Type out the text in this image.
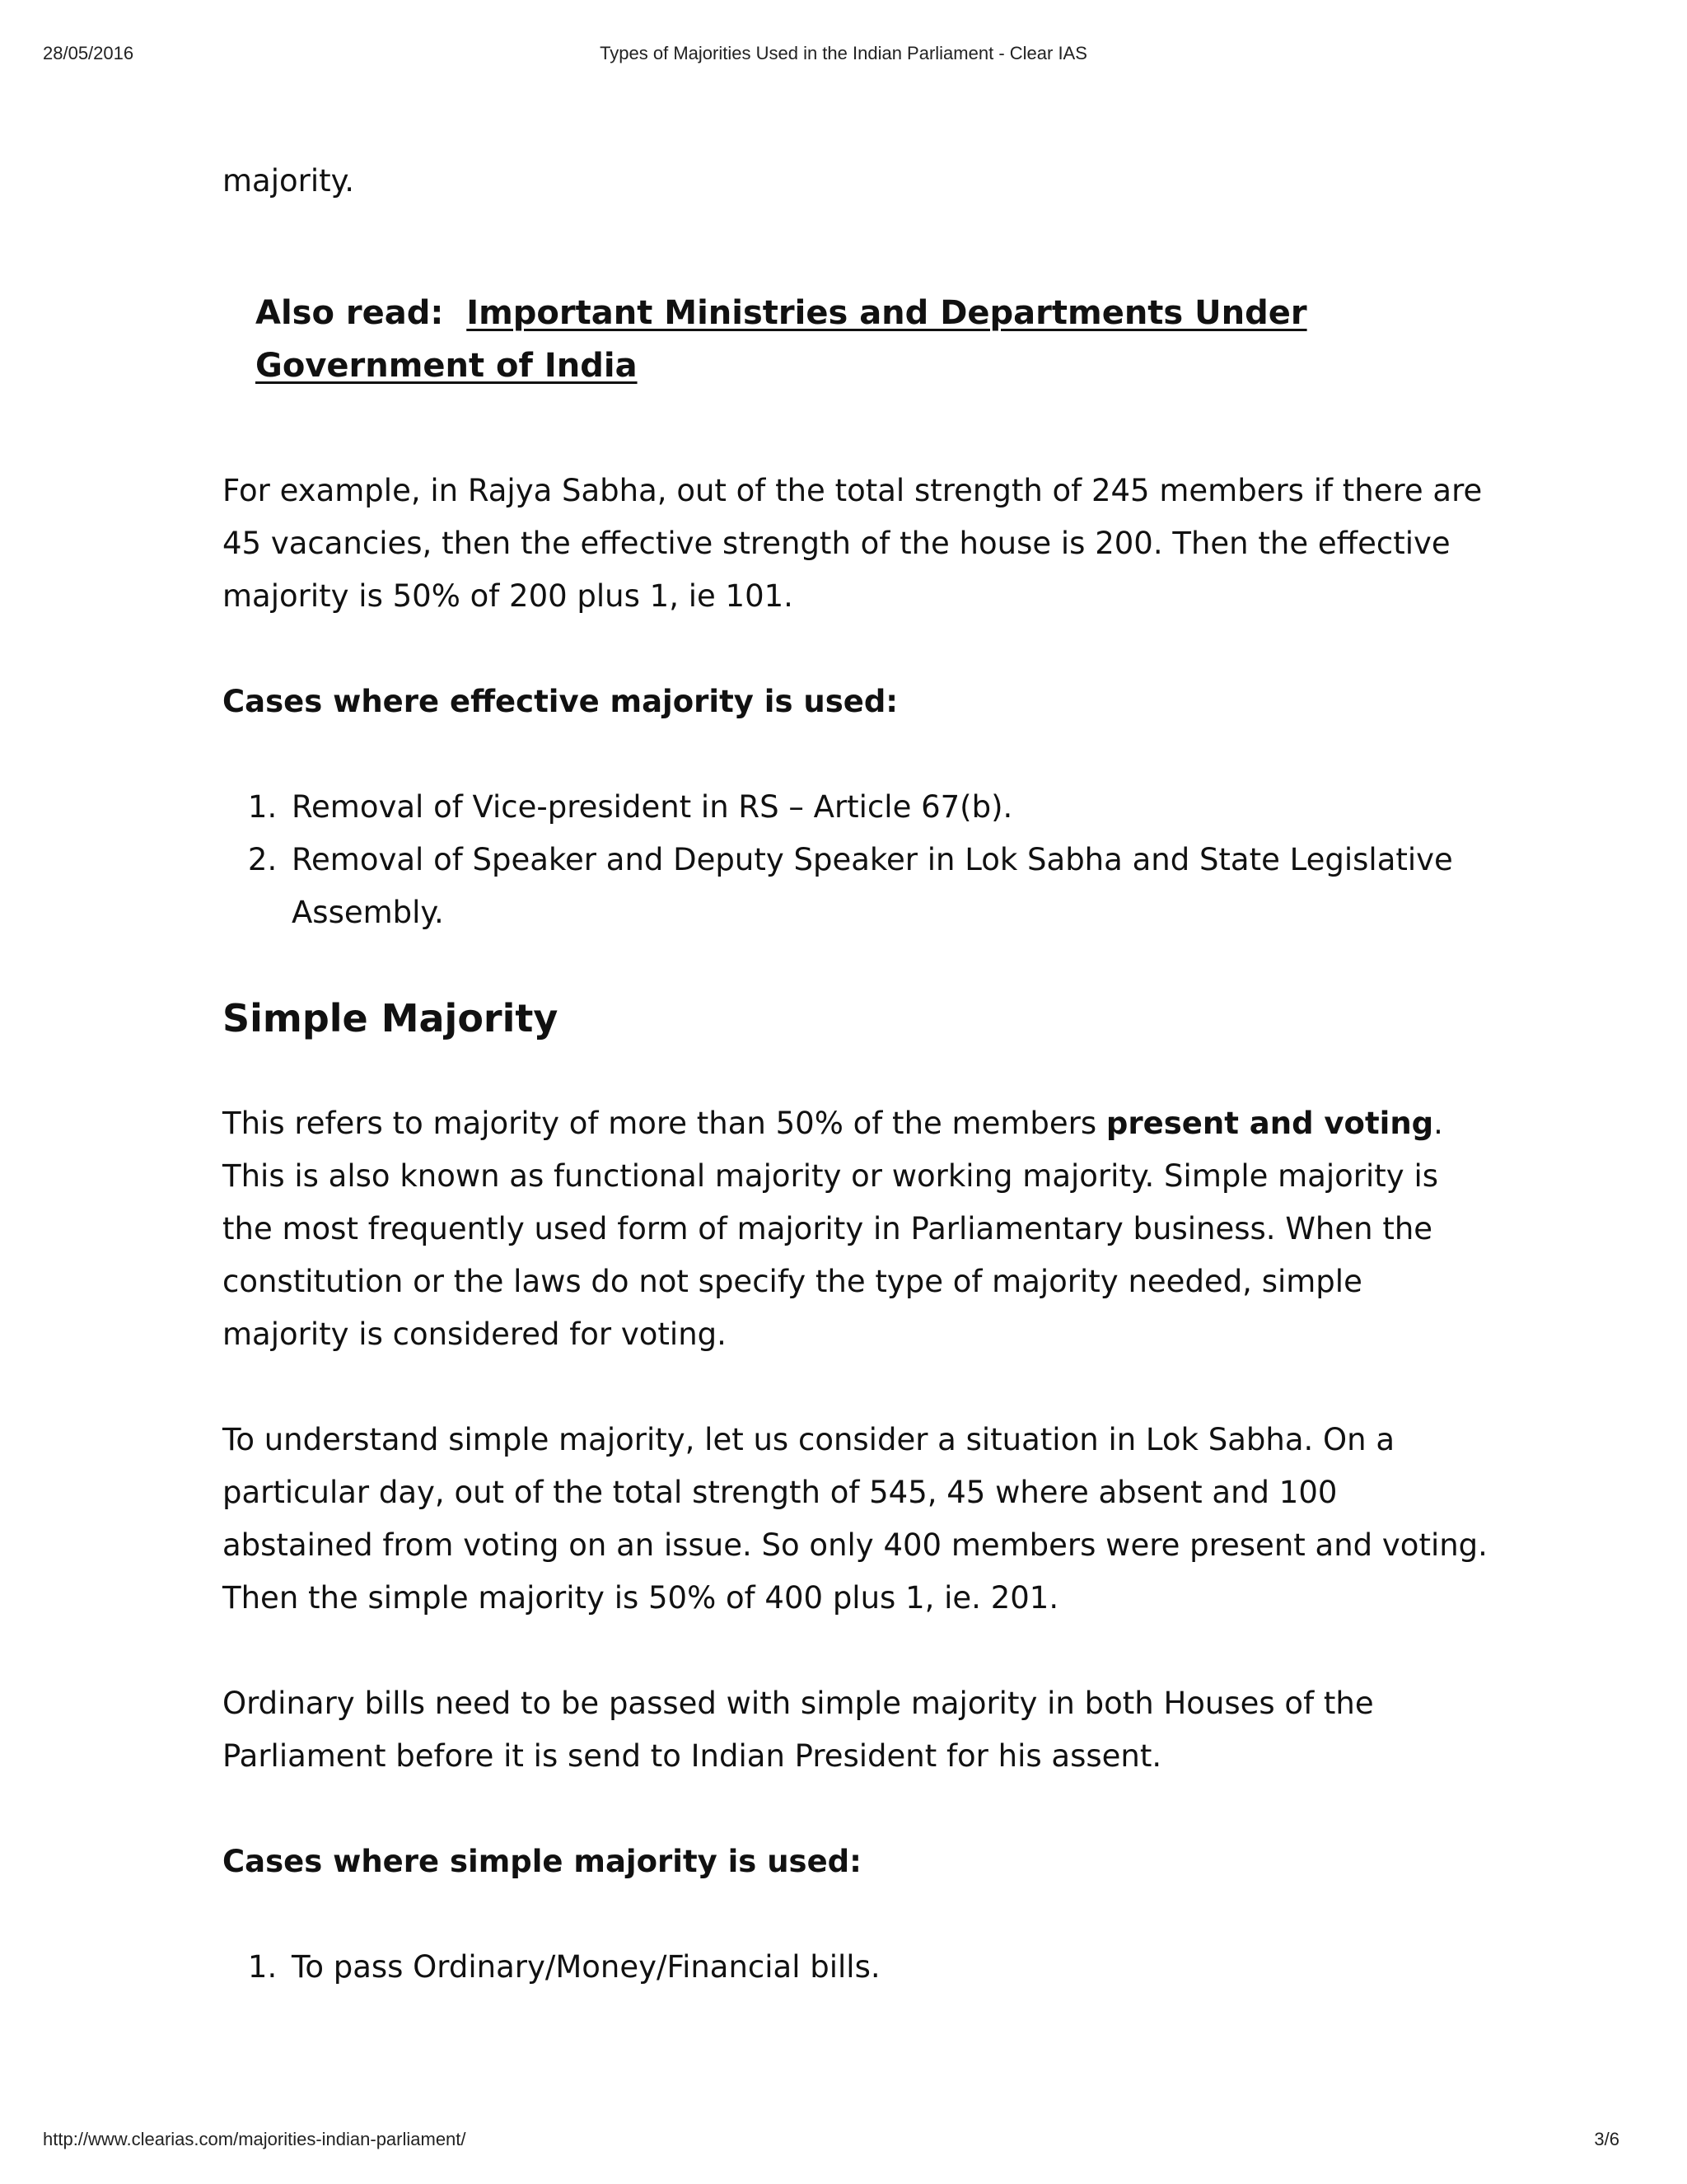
28/05/2016	Types of Majorities Used in the Indian Parliament - Clear IAS

majority.

Also read: Important Ministries and Departments Under Government of India

For example, in Rajya Sabha, out of the total strength of 245 members if there are 45 vacancies, then the effective strength of the house is 200. Then the effective majority is 50% of 200 plus 1, ie 101.

Cases where effective majority is used:

1. Removal of Vice-president in RS – Article 67(b).
2. Removal of Speaker and Deputy Speaker in Lok Sabha and State Legislative Assembly.
Simple Majority

This refers to majority of more than 50% of the members present and voting. This is also known as functional majority or working majority. Simple majority is the most frequently used form of majority in Parliamentary business. When the constitution or the laws do not specify the type of majority needed, simple majority is considered for voting.

To understand simple majority, let us consider a situation in Lok Sabha. On a particular day, out of the total strength of 545, 45 where absent and 100 abstained from voting on an issue. So only 400 members were present and voting. Then the simple majority is 50% of 400 plus 1, ie. 201.

Ordinary bills need to be passed with simple majority in both Houses of the Parliament before it is send to Indian President for his assent.

Cases where simple majority is used:

1. To pass Ordinary/Money/Financial bills.
http://www.clearias.com/majorities-indian-parliament/	3/6
